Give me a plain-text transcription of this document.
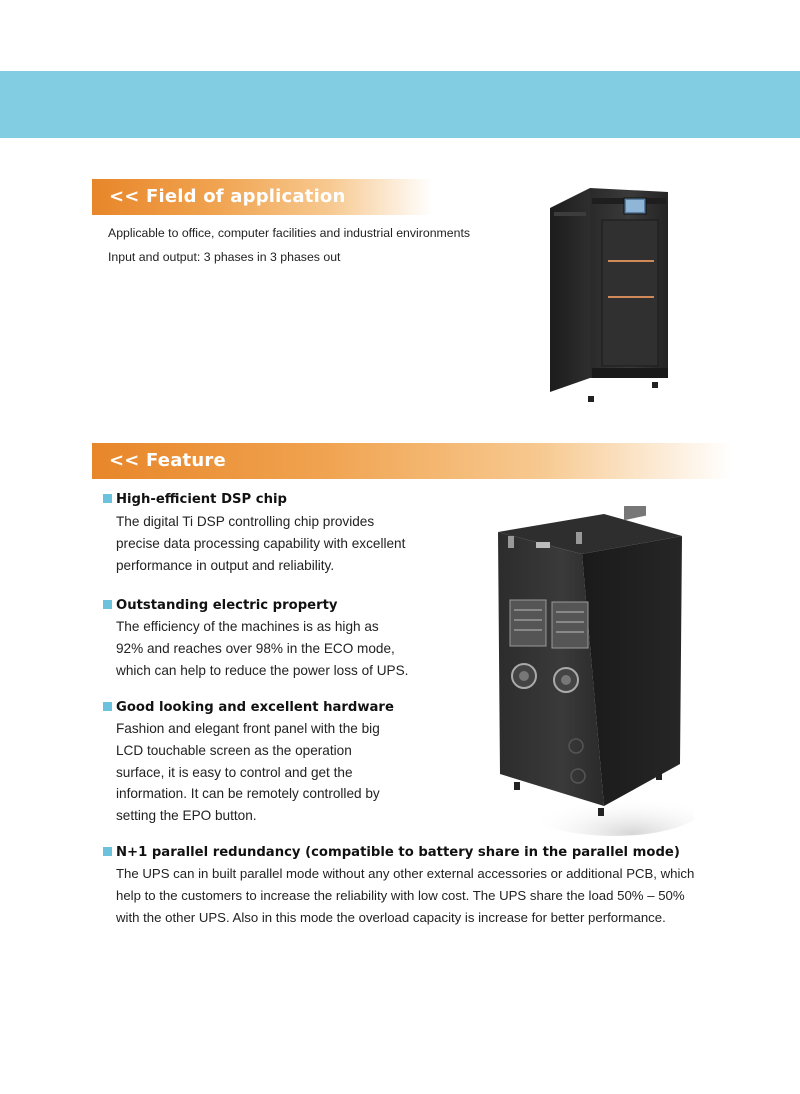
<< Field of application
Applicable to office, computer facilities and industrial environments
Input and output: 3 phases in 3 phases out
<< Feature
High-efficient DSP chip
The digital Ti DSP controlling chip provides
precise data processing capability with excellent
performance in output and reliability.
Outstanding electric property
The efficiency of the machines is as high as
92% and reaches over 98% in the ECO mode,
which can help to reduce the power loss of UPS.
Good looking and excellent hardware
Fashion and elegant front panel with the big
LCD touchable screen as the operation
surface, it is easy to control and get the
information. It can be remotely controlled by
setting the EPO button.
N+1 parallel redundancy (compatible to battery share in the parallel mode)
The UPS can in built parallel mode without any other external accessories or additional PCB, which
help to the customers to increase the reliability with low cost. The UPS share the load 50% – 50%
with the other UPS. Also in this mode the overload capacity is increase for better performance.
